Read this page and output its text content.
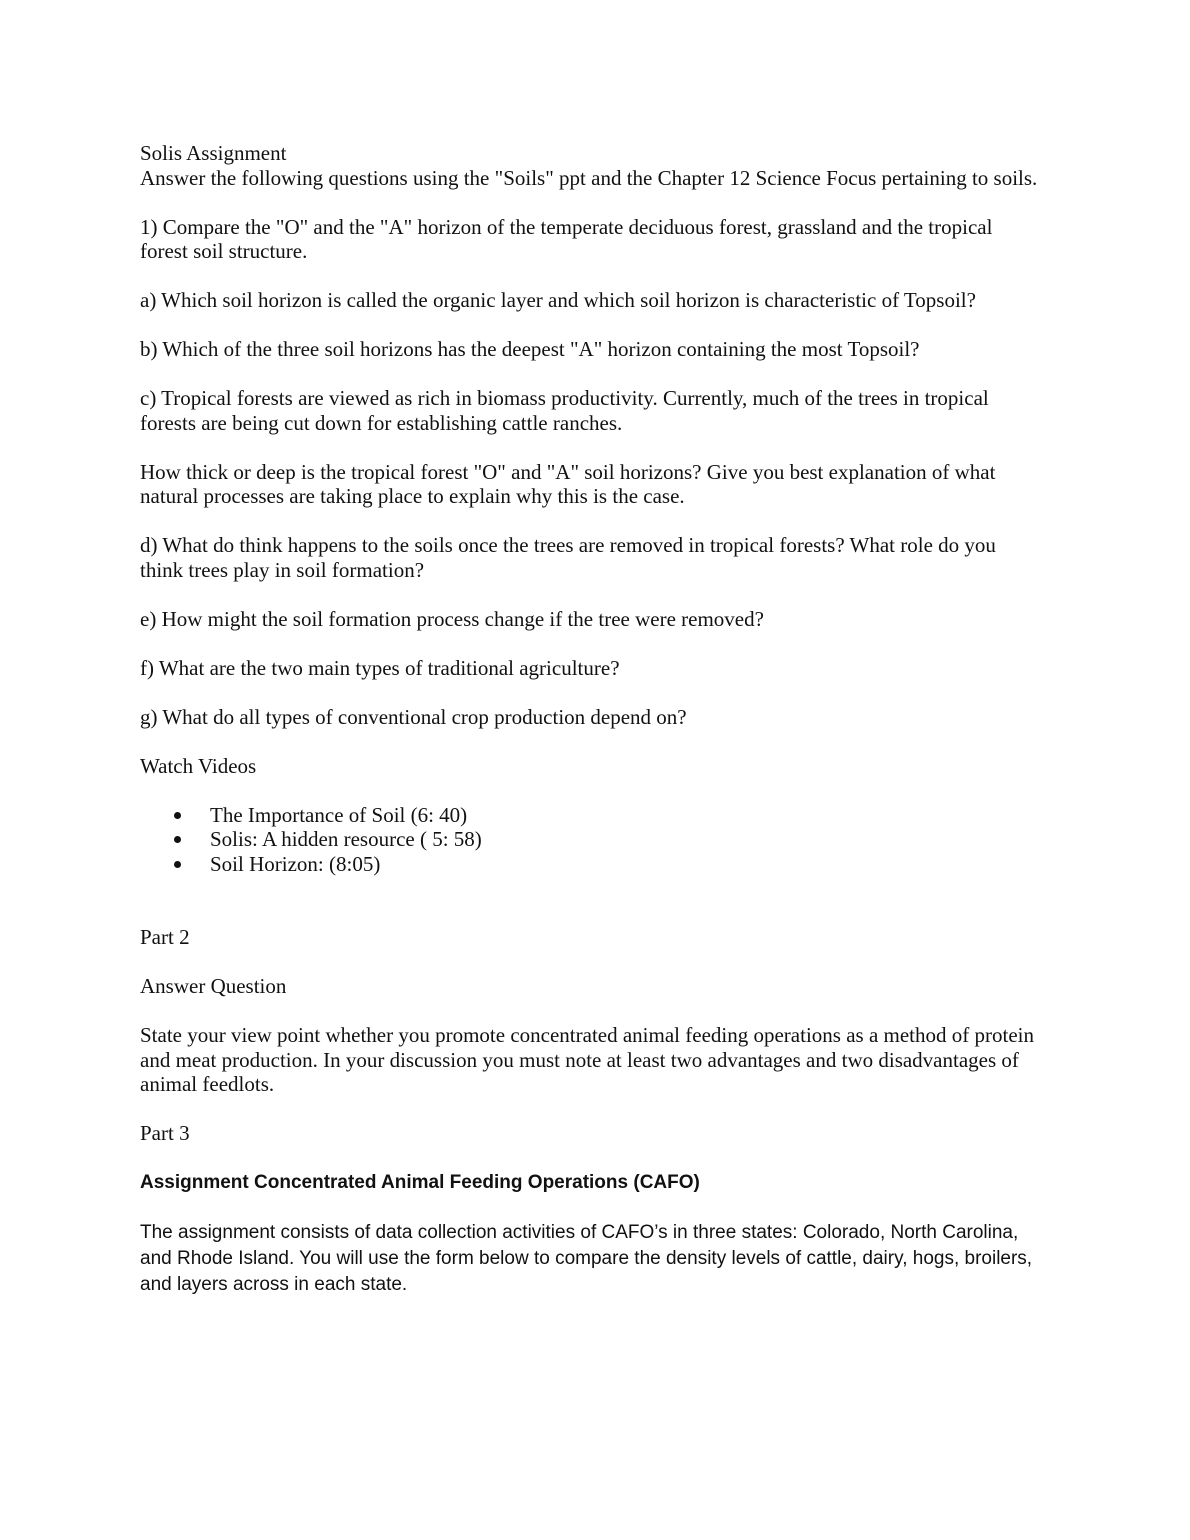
Solis Assignment

Answer the following questions using the "Soils" ppt and the Chapter 12 Science Focus pertaining to soils.

1) Compare the "O" and the "A" horizon of the temperate deciduous forest, grassland and the tropical forest soil structure.

a) Which soil horizon is called the organic layer and which soil horizon is characteristic of Topsoil?

b) Which of the three soil horizons has the deepest "A" horizon containing the most Topsoil?

c) Tropical forests are viewed as rich in biomass productivity. Currently, much of the trees in tropical forests are being cut down for establishing cattle ranches.

How thick or deep is the tropical forest "O" and "A" soil horizons? Give you best explanation of what natural processes are taking place to explain why this is the case.

d) What do think happens to the soils once the trees are removed in tropical forests? What role do you think trees play in soil formation?

e) How might the soil formation process change if the tree were removed?

f) What are the two main types of traditional agriculture?

g) What do all types of conventional crop production depend on?

Watch Videos

The Importance of Soil (6: 40)
Solis: A hidden resource ( 5: 58)
Soil Horizon: (8:05)

Part 2

Answer Question

State your view point whether you promote concentrated animal feeding operations as a method of protein and meat production. In your discussion you must note at least two advantages and two disadvantages of animal feedlots.

Part 3

Assignment Concentrated Animal Feeding Operations (CAFO)

The assignment consists of data collection activities of CAFO’s in three states: Colorado, North Carolina, and Rhode Island. You will use the form below to compare the density levels of cattle, dairy, hogs, broilers, and layers across in each state.
